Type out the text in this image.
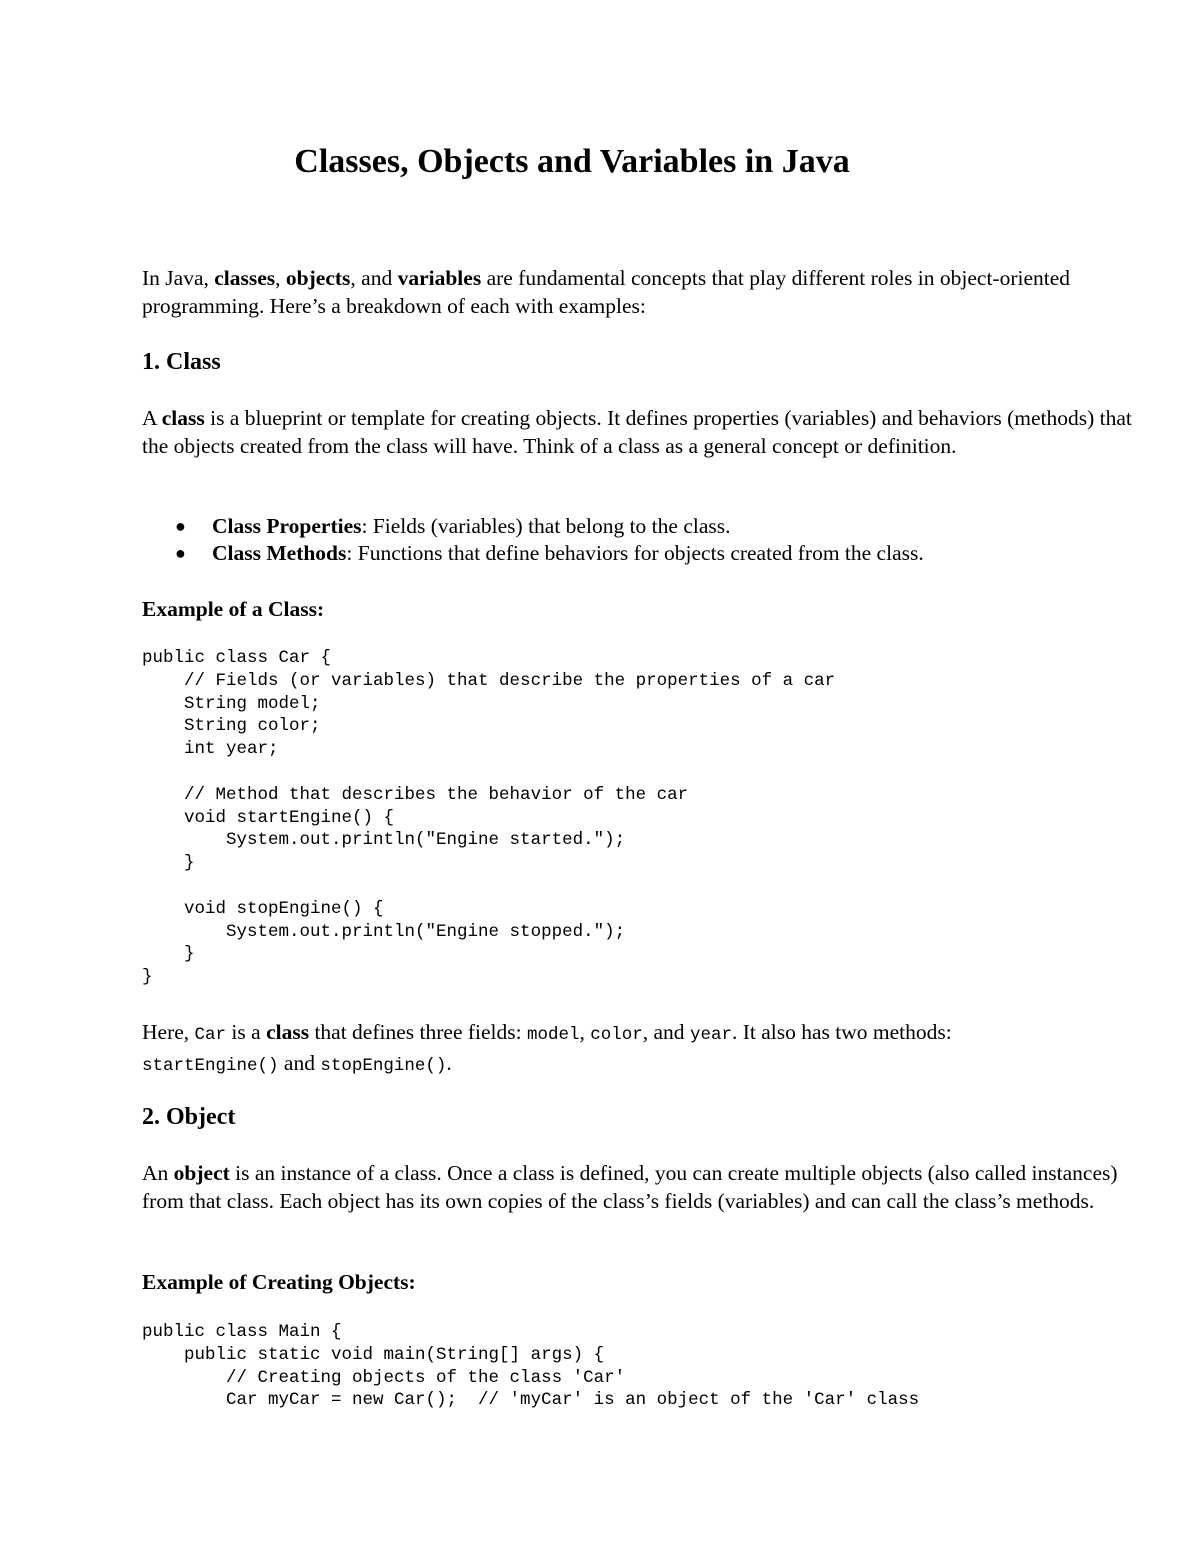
Classes, Objects and Variables in Java

In Java, classes, objects, and variables are fundamental concepts that play different roles in object-oriented programming. Here’s a breakdown of each with examples:

1. Class

A class is a blueprint or template for creating objects. It defines properties (variables) and behaviors (methods) that the objects created from the class will have. Think of a class as a general concept or definition.

● Class Properties: Fields (variables) that belong to the class.
● Class Methods: Functions that define behaviors for objects created from the class.
Example of a Class:
public class Car {
// Fields (or variables) that describe the properties of a car
String model;
String color;
int year;

// Method that describes the behavior of the car
void startEngine() {
System.out.println("Engine started.");
}

void stopEngine() {
System.out.println("Engine stopped.");
}
}

Here, Car is a class that defines three fields: model, color, and year. It also has two methods:
startEngine() and stopEngine().

2. Object

An object is an instance of a class. Once a class is defined, you can create multiple objects (also called instances) from that class. Each object has its own copies of the class’s fields (variables) and can call the class’s methods.

Example of Creating Objects:
public class Main {
public static void main(String[] args) {
// Creating objects of the class 'Car'
Car myCar = new Car();  // 'myCar' is an object of the 'Car' class
